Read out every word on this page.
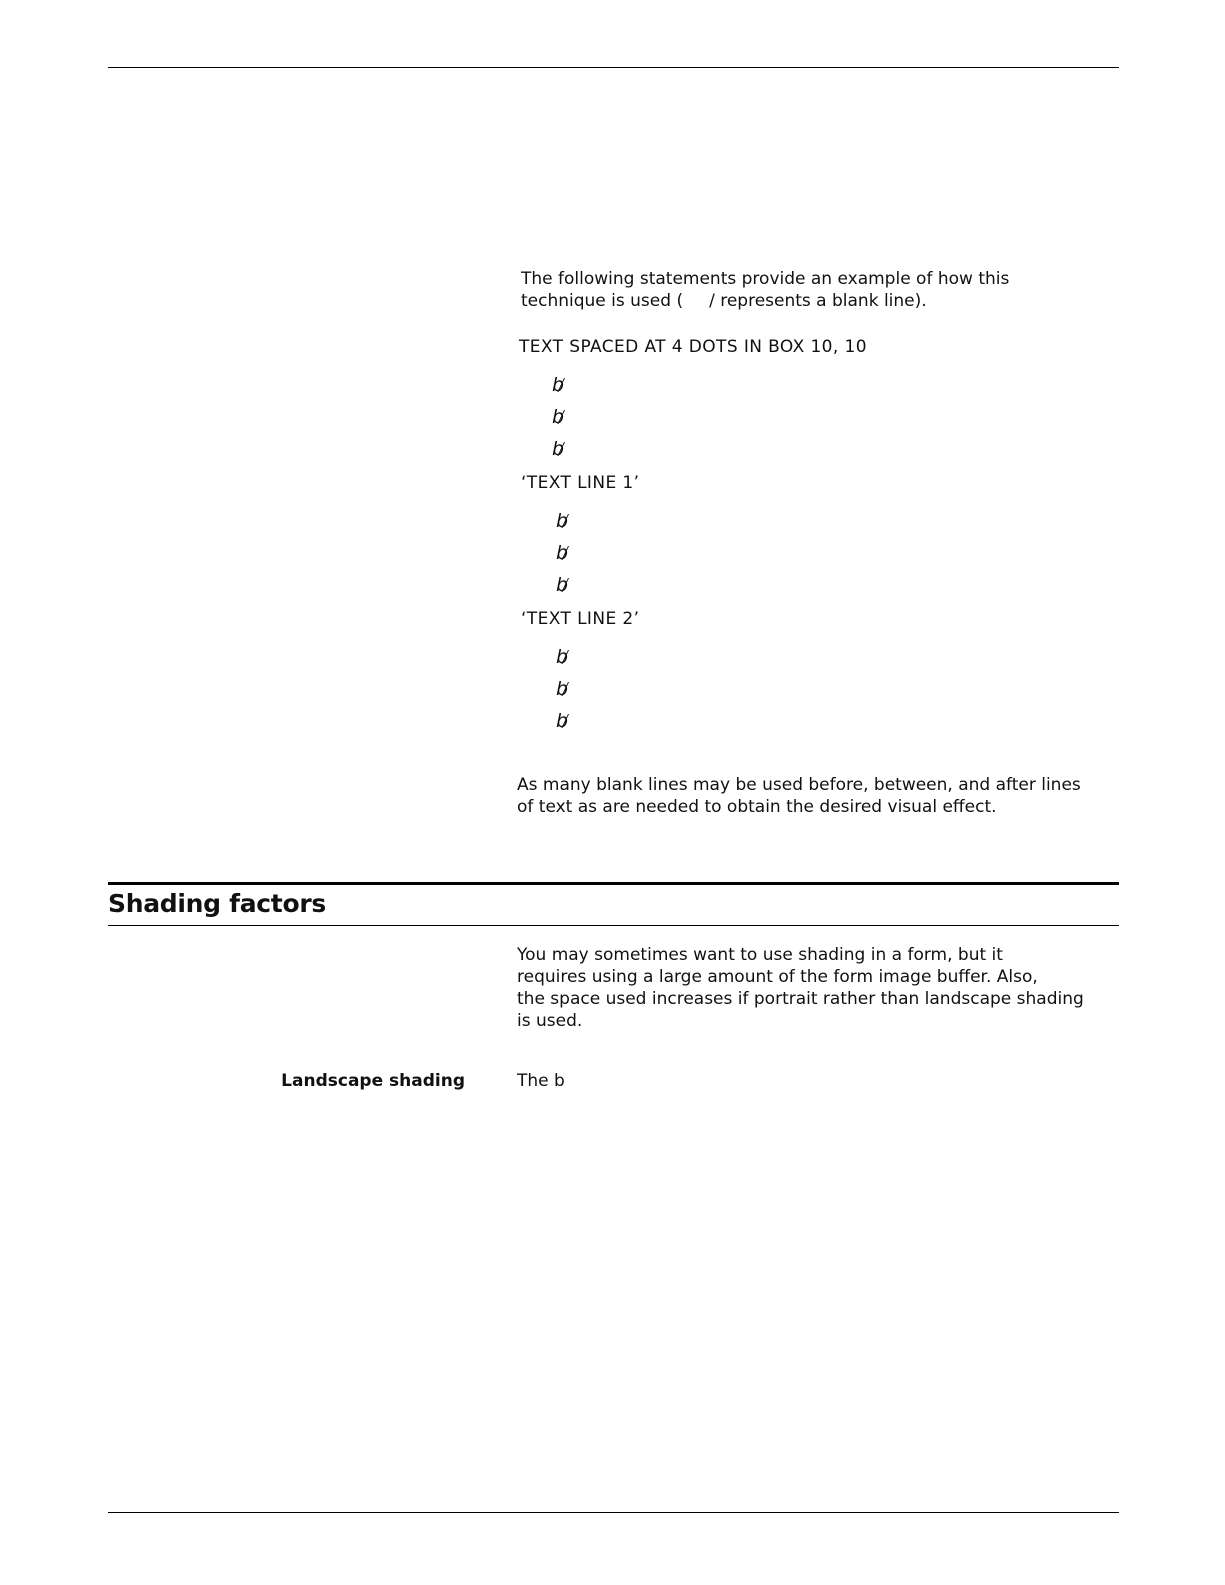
The following statements provide an example of how this
technique is used ( / represents a blank line).
TEXT SPACED AT 4 DOTS IN BOX 10, 10
b
b
b
‘TEXT LINE 1’
b
b
b
‘TEXT LINE 2’
b
b
b
As many blank lines may be used before, between, and after lines
of text as are needed to obtain the desired visual effect.
Shading factors
You may sometimes want to use shading in a form, but it
requires using a large amount of the form image buffer. Also,
the space used increases if portrait rather than landscape shading
is used.
Landscape shading	The b
